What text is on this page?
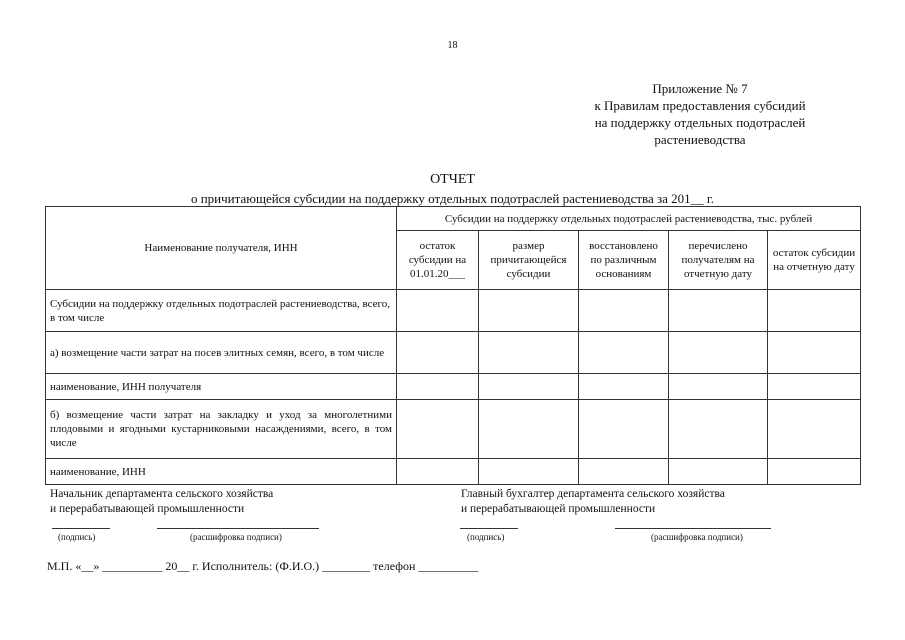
18
Приложение № 7
к Правилам предоставления субсидий
на поддержку отдельных подотраслей
растениеводства
ОТЧЕТ
о причитающейся субсидии на поддержку отдельных подотраслей растениеводства за 201__ г.
Наименование получателя, ИНН	Субсидии на поддержку отдельных подотраслей растениеводства, тыс. рублей				
	остаток субсидии на 01.01.20___	размер причитающейся субсидии	восстановлено по различным основаниям	перечислено получателям на отчетную дату	остаток субсидии на отчетную дату
Субсидии на поддержку отдельных подотраслей растениеводства, всего, в том числе					
а) возмещение части затрат на посев элитных семян, всего, в том числе					
наименование, ИНН получателя					
б) возмещение части затрат на закладку и уход за многолетними плодовыми и ягодными кустарниковыми насаждениями, всего, в том числе					
наименование, ИНН					
Начальник департамента сельского хозяйства
и перерабатывающей промышленности
(подпись)	(расшифровка подписи)
Главный бухгалтер департамента сельского хозяйства
и перерабатывающей промышленности
(подпись)	(расшифровка подписи)
М.П. «__» __________ 20__ г. Исполнитель: (Ф.И.О.) ________ телефон __________
